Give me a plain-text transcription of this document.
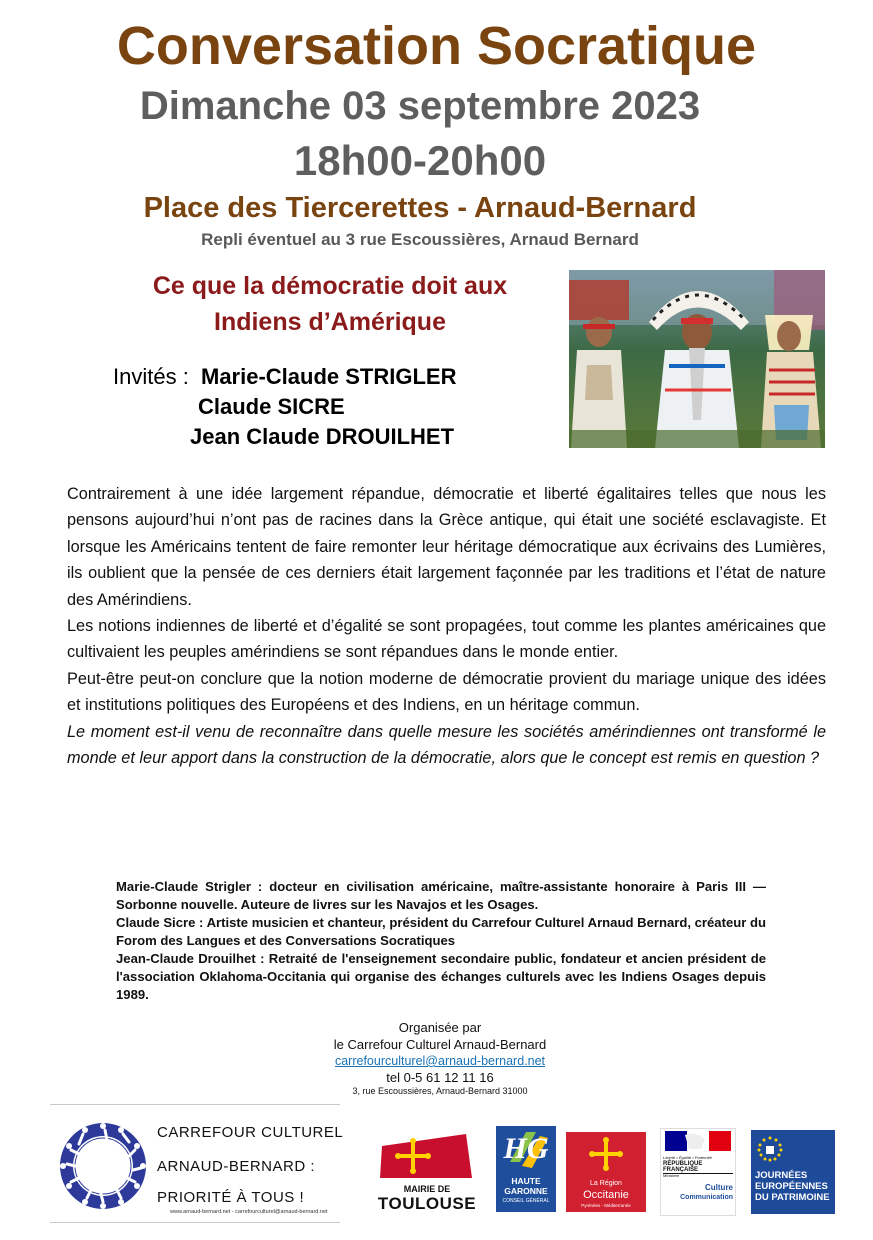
Conversation Socratique
Dimanche 03 septembre 2023
18h00-20h00
Place des Tiercerettes - Arnaud-Bernard
Repli éventuel au 3 rue Escoussières, Arnaud Bernard
Ce que la démocratie doit aux
Indiens d’Amérique
Invités : Marie-Claude STRIGLER
Claude SICRE
Jean Claude DROUILHET

Contrairement à une idée largement répandue, démocratie et liberté égalitaires telles que nous les pensons aujourd’hui n’ont pas de racines dans la Grèce antique, qui était une société esclavagiste. Et lorsque les Américains tentent de faire remonter leur héritage démocratique aux écrivains des Lumières, ils oublient que la pensée de ces derniers était largement façonnée par les traditions et l’état de nature des Amérindiens.

Les notions indiennes de liberté et d’égalité se sont propagées, tout comme les plantes américaines que cultivaient les peuples amérindiens se sont répandues dans le monde entier.

Peut-être peut-on conclure que la notion moderne de démocratie provient du mariage unique des idées et institutions politiques des Européens et des Indiens, en un héritage commun.

Le moment est-il venu de reconnaître dans quelle mesure les sociétés amérindiennes ont transformé le monde et leur apport dans la construction de la démocratie, alors que le concept est remis en question ?

Marie-Claude Strigler : docteur en civilisation américaine, maître-assistante honoraire à Paris III — Sorbonne nouvelle. Auteure de livres sur les Navajos et les Osages.

Claude Sicre : Artiste musicien et chanteur, président du Carrefour Culturel Arnaud Bernard, créateur du Forom des Langues et des Conversations Socratiques

Jean-Claude Drouilhet : Retraité de l'enseignement secondaire public, fondateur et ancien président de l'association Oklahoma-Occitania qui organise des échanges culturels avec les Indiens Osages depuis 1989.

Organisée par
le Carrefour Culturel Arnaud-Bernard
carrefourculturel@arnaud-bernard.net
tel 0-5 61 12 11 16
3, rue Escoussières, Arnaud-Bernard 31000
CARREFOUR CULTUREL
ARNAUD-BERNARD :
PRIORITÉ À TOUS !
www.arnaud-bernard.net - carrefourculturel@arnaud-bernard.net
MAIRIE DE
TOULOUSE
HG
HAUTE
GARONNE
CONSEIL GÉNÉRAL
La Région
Occitanie
Pyrénées - Méditerranée
Liberté • Égalité • Fraternité
RÉPUBLIQUE FRANÇAISE
Ministère
Culture
Communication
JOURNÉES
EUROPÉENNES
DU PATRIMOINE
